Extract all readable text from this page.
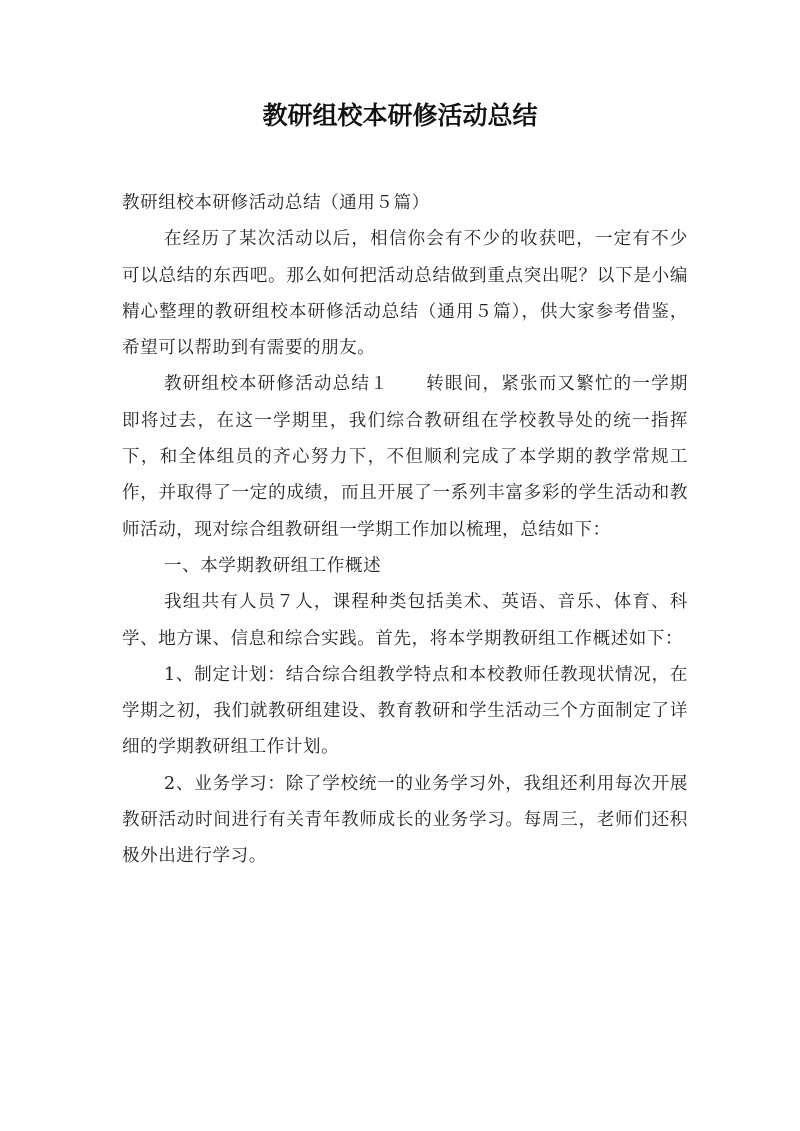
教研组校本研修活动总结

教研组校本研修活动总结（通用５篇）

在经历了某次活动以后，相信你会有不少的收获吧，一定有不少可以总结的东西吧。那么如何把活动总结做到重点突出呢？以下是小编精心整理的教研组校本研修活动总结（通用５篇），供大家参考借鉴，希望可以帮助到有需要的朋友。

教研组校本研修活动总结１　　转眼间，紧张而又繁忙的一学期即将过去，在这一学期里，我们综合教研组在学校教导处的统一指挥下，和全体组员的齐心努力下，不但顺利完成了本学期的教学常规工作，并取得了一定的成绩，而且开展了一系列丰富多彩的学生活动和教师活动，现对综合组教研组一学期工作加以梳理，总结如下：

一、本学期教研组工作概述

我组共有人员７人，课程种类包括美术、英语、音乐、体育、科学、地方课、信息和综合实践。首先，将本学期教研组工作概述如下：

1、制定计划：结合综合组教学特点和本校教师任教现状情况，在学期之初，我们就教研组建设、教育教研和学生活动三个方面制定了详细的学期教研组工作计划。

2、业务学习：除了学校统一的业务学习外，我组还利用每次开展教研活动时间进行有关青年教师成长的业务学习。每周三，老师们还积极外出进行学习。
